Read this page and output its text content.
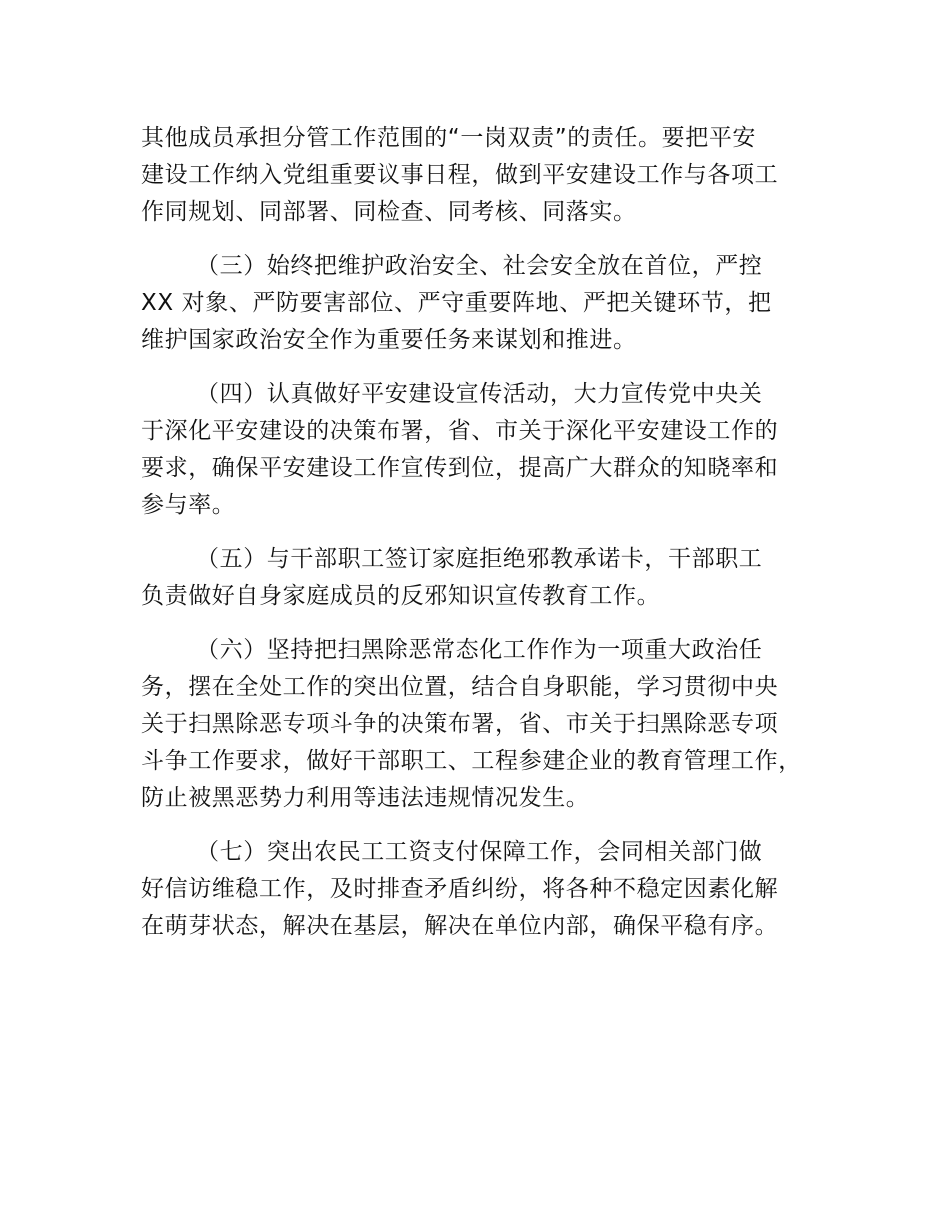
其他成员承担分管工作范围的“一岗双责”的责任。要把平安
建设工作纳入党组重要议事日程，做到平安建设工作与各项工
作同规划、同部署、同检查、同考核、同落实。
（三）始终把维护政治安全、社会安全放在首位，严控
XX 对象、严防要害部位、严守重要阵地、严把关键环节，把
维护国家政治安全作为重要任务来谋划和推进。
（四）认真做好平安建设宣传活动，大力宣传党中央关
于深化平安建设的决策布署，省、市关于深化平安建设工作的
要求，确保平安建设工作宣传到位，提高广大群众的知晓率和
参与率。
（五）与干部职工签订家庭拒绝邪教承诺卡，干部职工
负责做好自身家庭成员的反邪知识宣传教育工作。
（六）坚持把扫黑除恶常态化工作作为一项重大政治任
务，摆在全处工作的突出位置，结合自身职能，学习贯彻中央
关于扫黑除恶专项斗争的决策布署，省、市关于扫黑除恶专项
斗争工作要求，做好干部职工、工程参建企业的教育管理工作，
防止被黑恶势力利用等违法违规情况发生。
（七）突出农民工工资支付保障工作，会同相关部门做
好信访维稳工作，及时排查矛盾纠纷，将各种不稳定因素化解
在萌芽状态，解决在基层，解决在单位内部，确保平稳有序。
